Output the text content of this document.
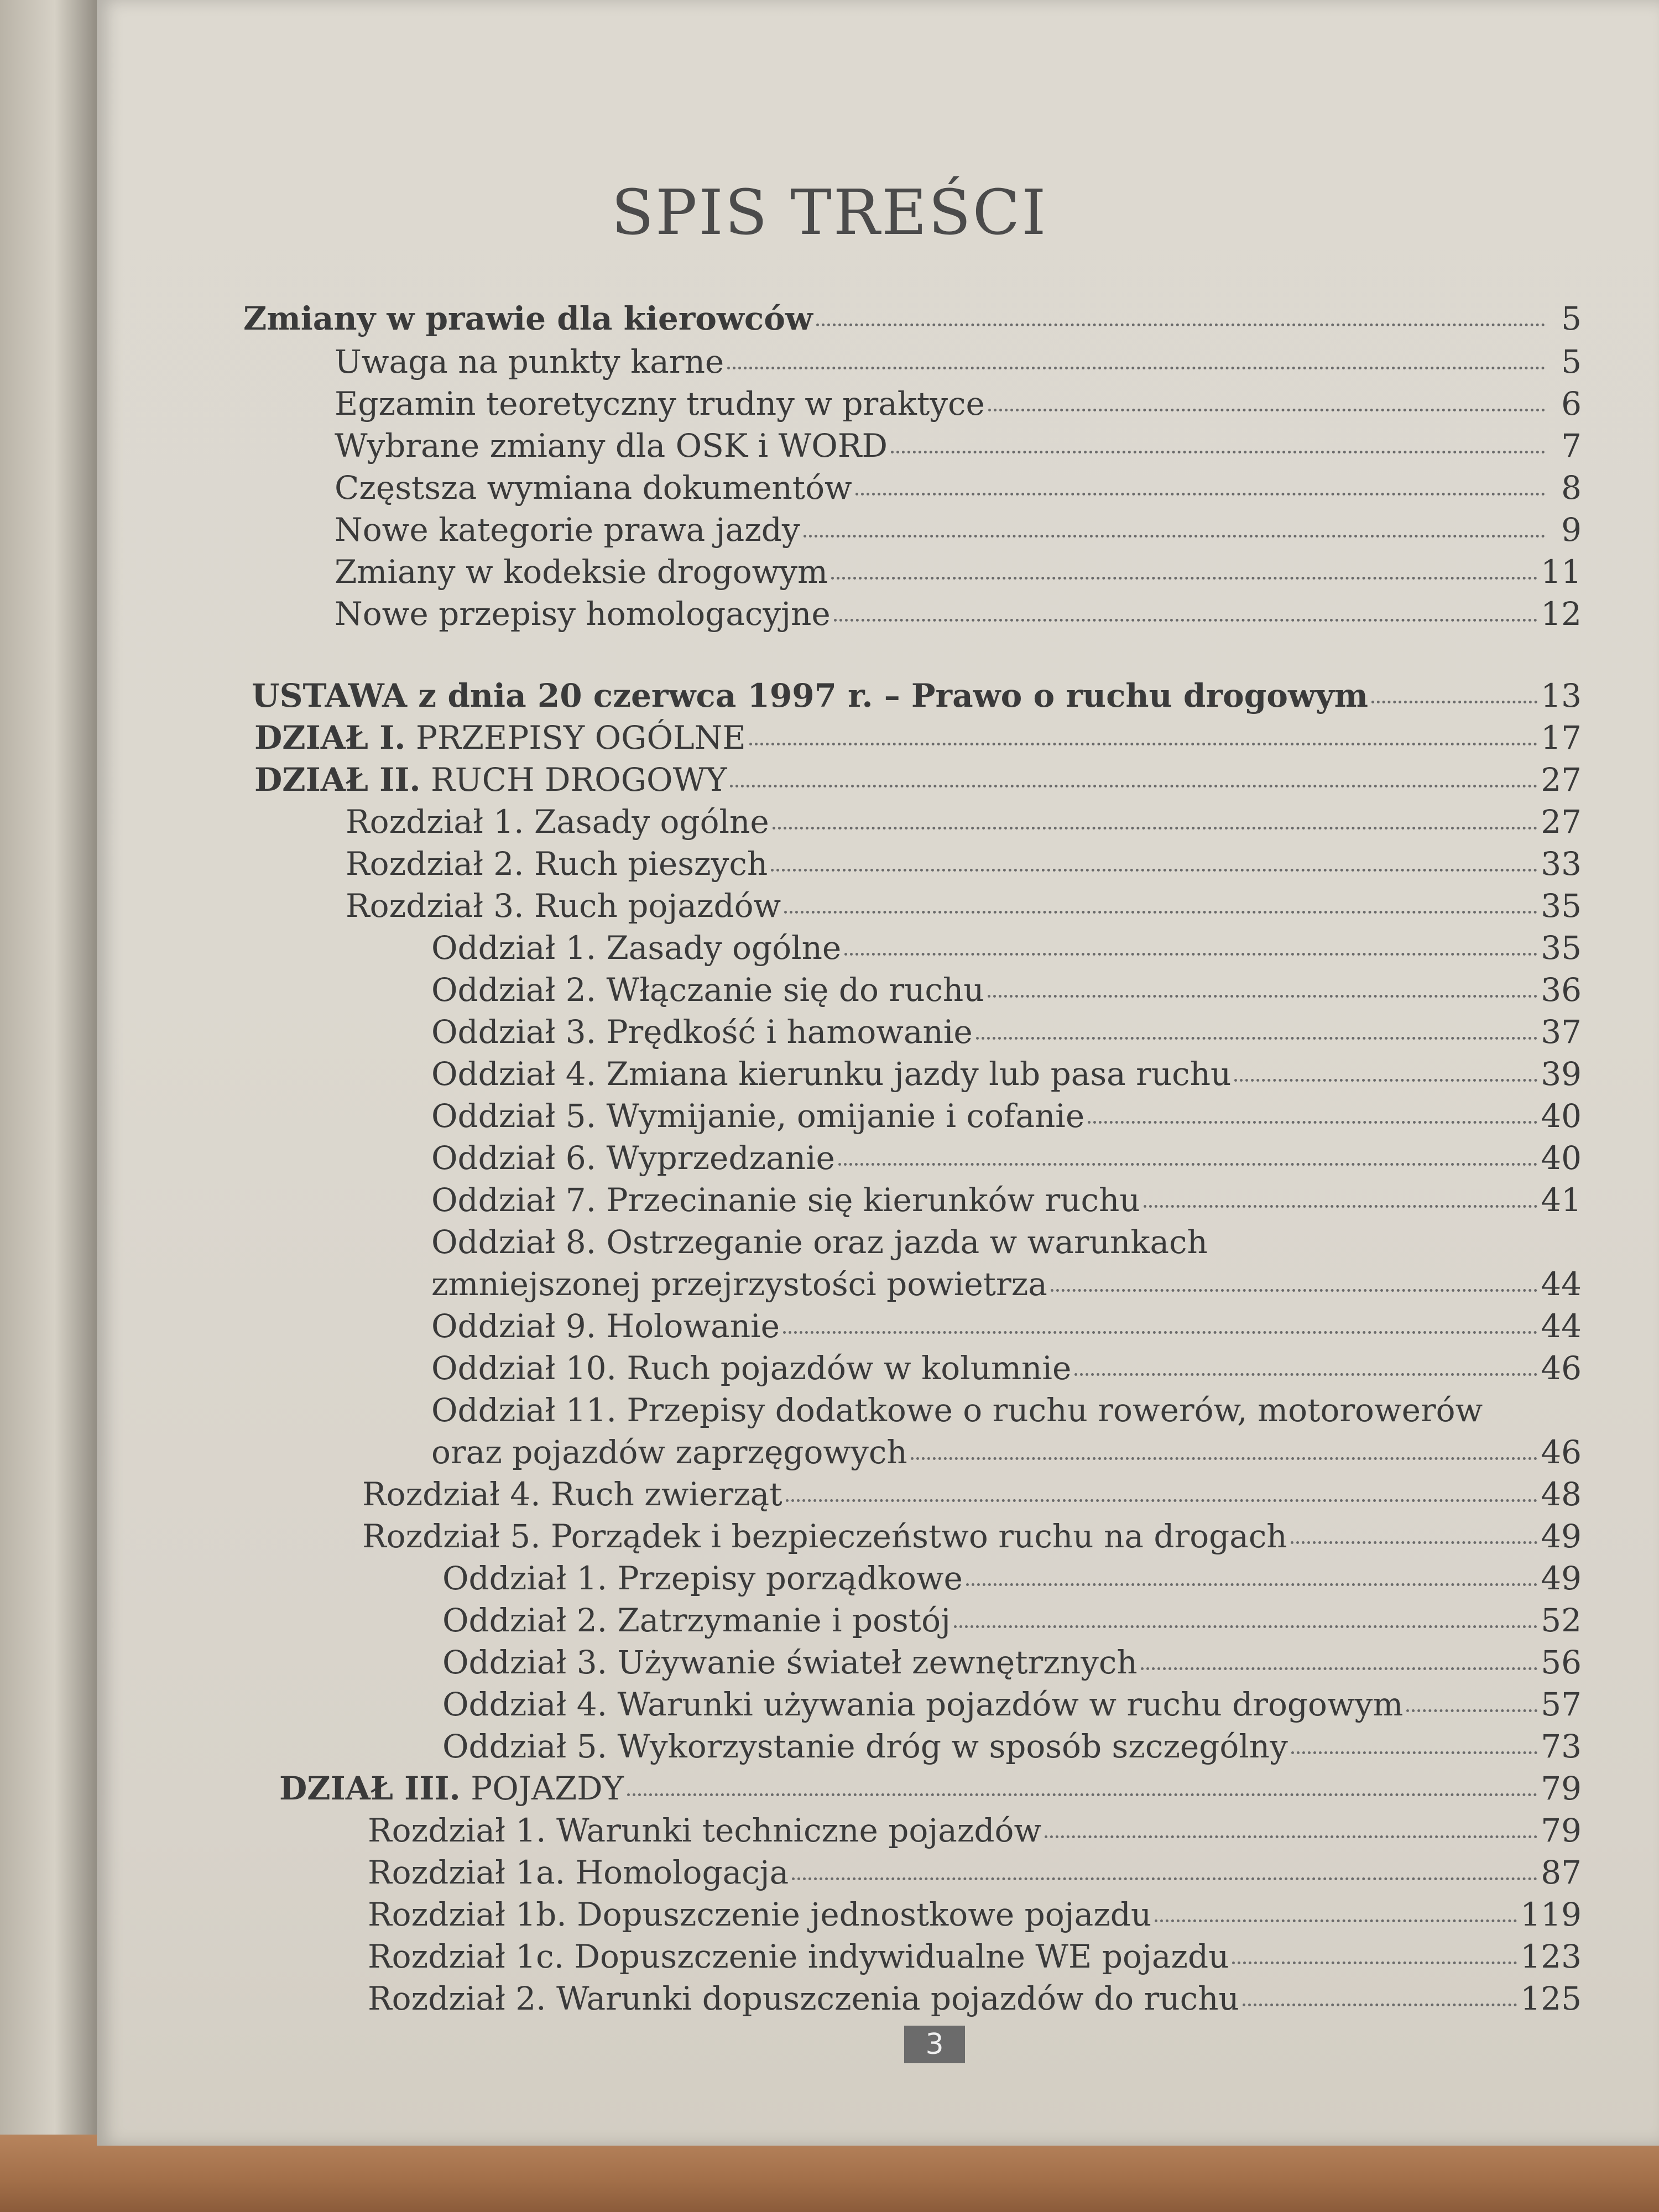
SPIS TREŚCI
Zmiany w prawie dla kierowców	5
Uwaga na punkty karne	5
Egzamin teoretyczny trudny w praktyce	6
Wybrane zmiany dla OSK i WORD	7
Częstsza wymiana dokumentów	8
Nowe kategorie prawa jazdy	9
Zmiany w kodeksie drogowym	11
Nowe przepisy homologacyjne	12
USTAWA z dnia 20 czerwca 1997 r. – Prawo o ruchu drogowym	13
DZIAŁ I. PRZEPISY OGÓLNE	17
DZIAŁ II. RUCH DROGOWY	27
Rozdział 1. Zasady ogólne	27
Rozdział 2. Ruch pieszych	33
Rozdział 3. Ruch pojazdów	35
Oddział 1. Zasady ogólne	35
Oddział 2. Włączanie się do ruchu	36
Oddział 3. Prędkość i hamowanie	37
Oddział 4. Zmiana kierunku jazdy lub pasa ruchu	39
Oddział 5. Wymijanie, omijanie i cofanie	40
Oddział 6. Wyprzedzanie	40
Oddział 7. Przecinanie się kierunków ruchu	41
Oddział 8. Ostrzeganie oraz jazda w warunkach
zmniejszonej przejrzystości powietrza	44
Oddział 9. Holowanie	44
Oddział 10. Ruch pojazdów w kolumnie	46
Oddział 11. Przepisy dodatkowe o ruchu rowerów, motorowerów
oraz pojazdów zaprzęgowych	46
Rozdział 4. Ruch zwierząt	48
Rozdział 5. Porządek i bezpieczeństwo ruchu na drogach	49
Oddział 1. Przepisy porządkowe	49
Oddział 2. Zatrzymanie i postój	52
Oddział 3. Używanie świateł zewnętrznych	56
Oddział 4. Warunki używania pojazdów w ruchu drogowym	57
Oddział 5. Wykorzystanie dróg w sposób szczególny	73
DZIAŁ III. POJAZDY	79
Rozdział 1. Warunki techniczne pojazdów	79
Rozdział 1a. Homologacja	87
Rozdział 1b. Dopuszczenie jednostkowe pojazdu	119
Rozdział 1c. Dopuszczenie indywidualne WE pojazdu	123
Rozdział 2. Warunki dopuszczenia pojazdów do ruchu	125
3
